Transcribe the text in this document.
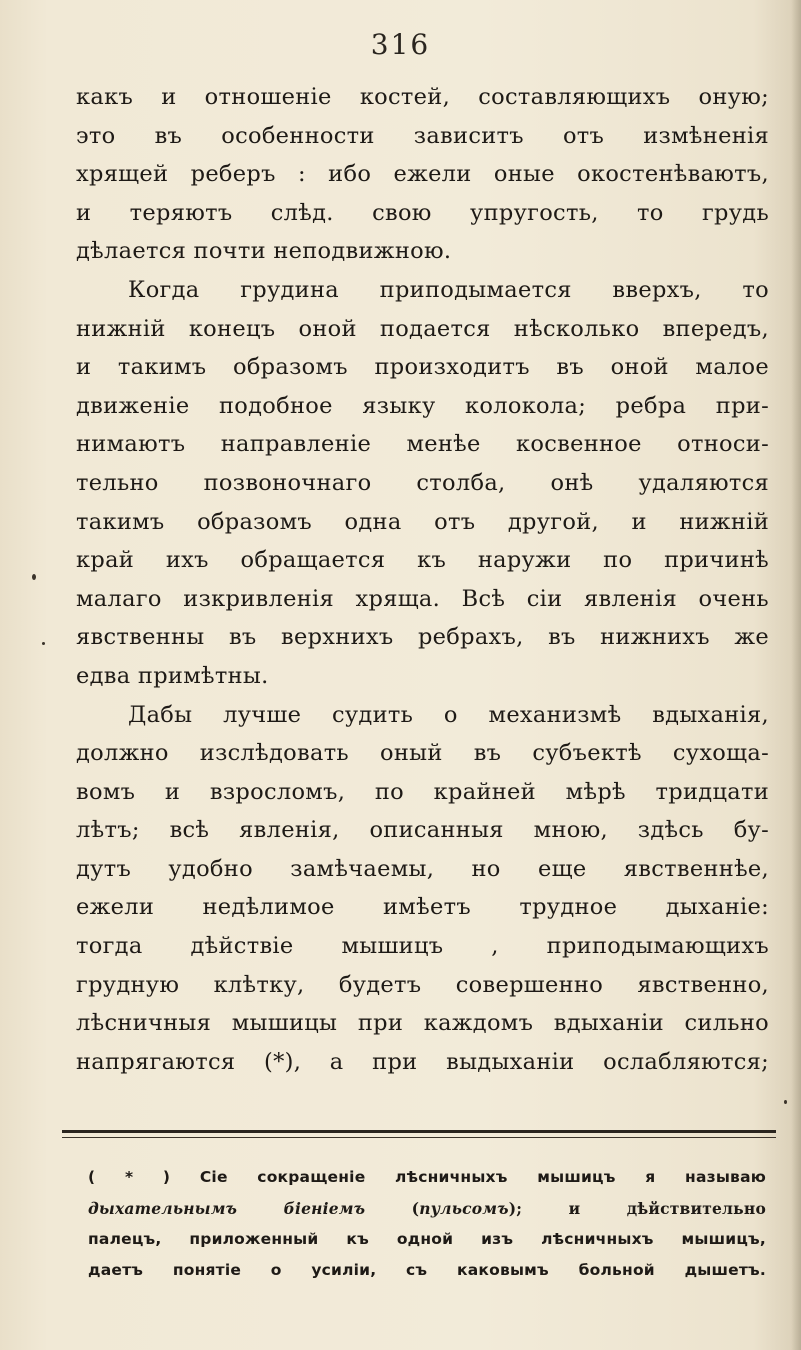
316
какъ и отношеніе костей, составляющихъ оную;
это въ особенности зависитъ отъ измѣненія
хрящей реберъ : ибо ежели оные окостенѣваютъ,
и теряютъ слѣд. свою упругость, то грудь
дѣлается почти неподвижною.
Когда грудина приподымается вверхъ, то
нижній конецъ оной подается нѣсколько впередъ,
и такимъ образомъ произходитъ въ оной малое
движеніе подобное языку колокола; ребра при-
нимаютъ направленіе менѣе косвенное относи-
тельно позвоночнаго столба, онѣ удаляются
такимъ образомъ одна отъ другой, и нижній
край ихъ обращается къ наружи по причинѣ
малаго изкривленія хряща. Всѣ сіи явленія очень
явственны въ верхнихъ ребрахъ, въ нижнихъ же
едва примѣтны.
Дабы лучше судить о механизмѣ вдыханія,
должно изслѣдовать оный въ субъектѣ сухоща-
вомъ и взросломъ, по крайней мѣрѣ тридцати
лѣтъ; всѣ явленія, описанныя мною, здѣсь бу-
дутъ удобно замѣчаемы, но еще явственнѣе,
ежели недѣлимое имѣетъ трудное дыханіе:
тогда дѣйствіе мышицъ , приподымающихъ
грудную клѣтку, будетъ совершенно явственно,
лѣсничныя мышицы при каждомъ вдыханіи сильно
напрягаются (*), а при выдыханіи ослабляются;
( * ) Сіе сокращеніе лѣсничныхъ мышицъ я называю
дыхательнымъ	біеніемъ	(пульсомъ); и дѣйствительно
палецъ, приложенный къ одной изъ лѣсничныхъ мышицъ,
даетъ понятіе о усиліи, съ каковымъ больной дышетъ.
